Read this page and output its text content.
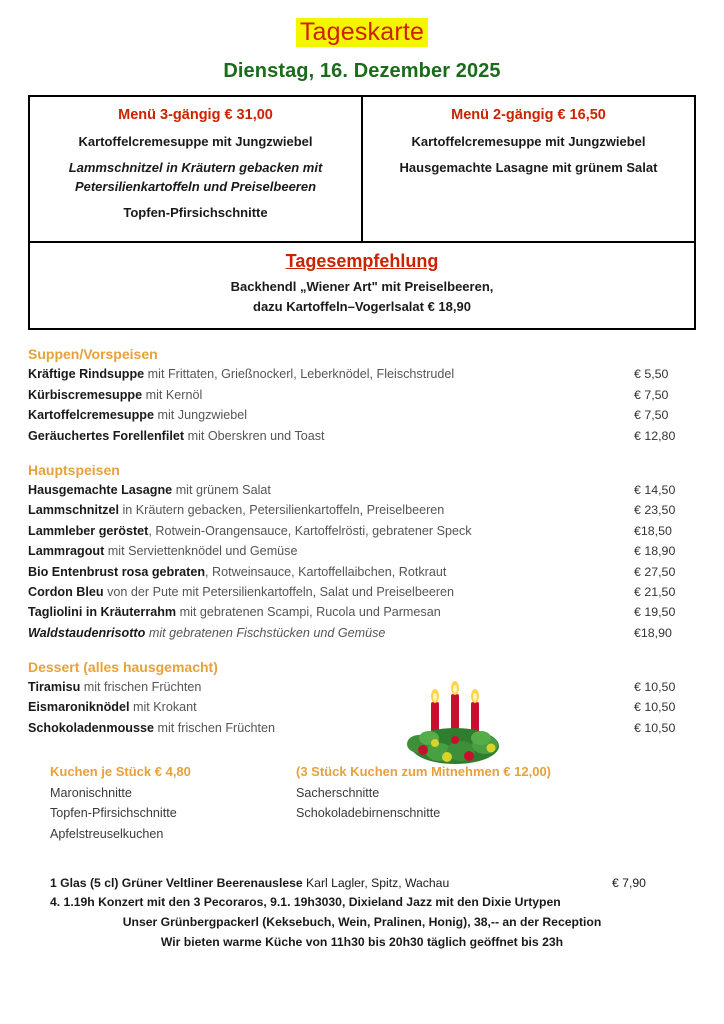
Tageskarte
Dienstag, 16. Dezember 2025
Menü 3-gängig € 31,00
Kartoffelcremesuppe mit Jungzwiebel
Lammschnitzel in Kräutern gebacken mit Petersilienkartoffeln und Preiselbeeren
Topfen-Pfirsichschnitte
Menü 2-gängig € 16,50
Kartoffelcremesuppe mit Jungzwiebel
Hausgemachte Lasagne mit grünem Salat
Tagesempfehlung
Backhendl „Wiener Art" mit Preiselbeeren,
dazu Kartoffeln–Vogerlsalat € 18,90
Suppen/Vorspeisen
Kräftige Rindsuppe mit Frittaten, Grießnockerl, Leberknödel, Fleischstrudel	€ 5,50
Kürbiscremesuppe mit Kernöl	€ 7,50
Kartoffelcremesuppe mit Jungzwiebel	€ 7,50
Geräuchertes Forellenfilet mit Oberskren und Toast	€ 12,80
Hauptspeisen
Hausgemachte Lasagne mit grünem Salat	€ 14,50
Lammschnitzel in Kräutern gebacken, Petersilienkartoffeln, Preiselbeeren	€ 23,50
Lammleber geröstet, Rotwein-Orangensauce, Kartoffelrösti, gebratener Speck	€18,50
Lammragout mit Serviettenknödel und Gemüse	€ 18,90
Bio Entenbrust rosa gebraten, Rotweinsauce, Kartoffellaibchen, Rotkraut	€ 27,50
Cordon Bleu von der Pute mit Petersilienkartoffeln, Salat und Preiselbeeren	€ 21,50
Tagliolini in Kräuterrahm mit gebratenen Scampi, Rucola und Parmesan	€ 19,50
Waldstaudenrisotto mit gebratenen Fischstücken und Gemüse	€18,90
Dessert (alles hausgemacht)
Tiramisu mit frischen Früchten	€ 10,50
Eismaroniknödel mit Krokant	€ 10,50
Schokoladenmousse mit frischen Früchten	€ 10,50
Kuchen je Stück € 4,80
Maronischnitte
Topfen-Pfirsichschnitte
Apfelstreuselkuchen
(3 Stück Kuchen zum Mitnehmen € 12,00)
Sacherschnitte
Schokoladebirnenschnitte
1 Glas (5 cl) Grüner Veltliner Beerenauslese Karl Lagler, Spitz, Wachau	€ 7,90
4. 1.19h Konzert mit den 3 Pecoraros, 9.1. 19h3030, Dixieland Jazz mit den Dixie Urtypen
Unser Grünbergpackerl (Keksebuch, Wein, Pralinen, Honig), 38,-- an der Reception
Wir bieten warme Küche von 11h30 bis 20h30 täglich geöffnet bis 23h
